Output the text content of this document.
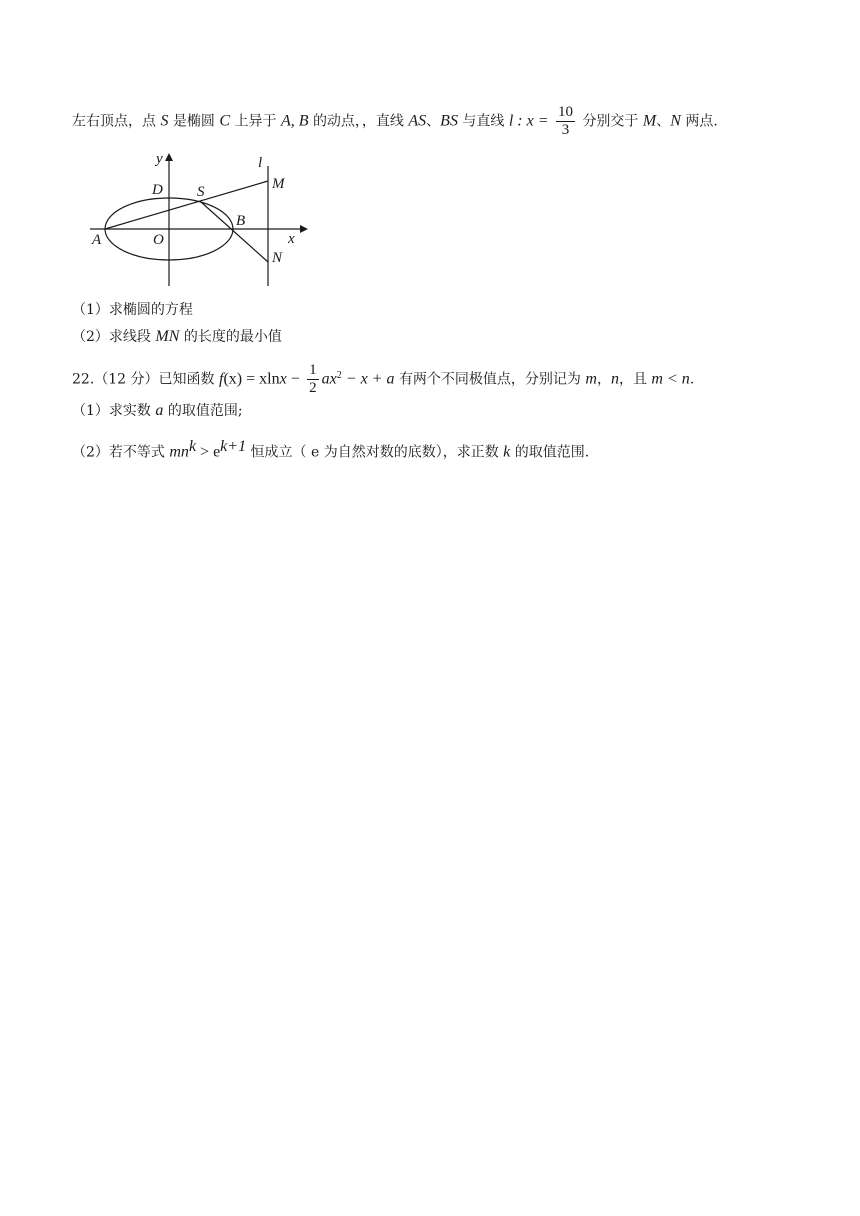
左右顶点，点 S 是椭圆 C 上异于 A, B 的动点，，直线 AS、BS 与直线 l : $x = \frac{10}{3}$ 分别交于 M、N 两点.
y
x
l
D S	M
A	O
B
N
（1）求椭圆的方程
（2）求线段 MN 的长度的最小值
22.（12 分）已知函数 $f(x) = xlnx - \frac{1}{2} ax^2 - x + a$ 有两个不同极值点，分别记为 m，n，且 m < n.
（1）求实数 a 的取值范围;
（2）若不等式 $mn^k > e^{k+1}$ 恒成立（ e 为自然对数的底数），求正数 k 的取值范围.
